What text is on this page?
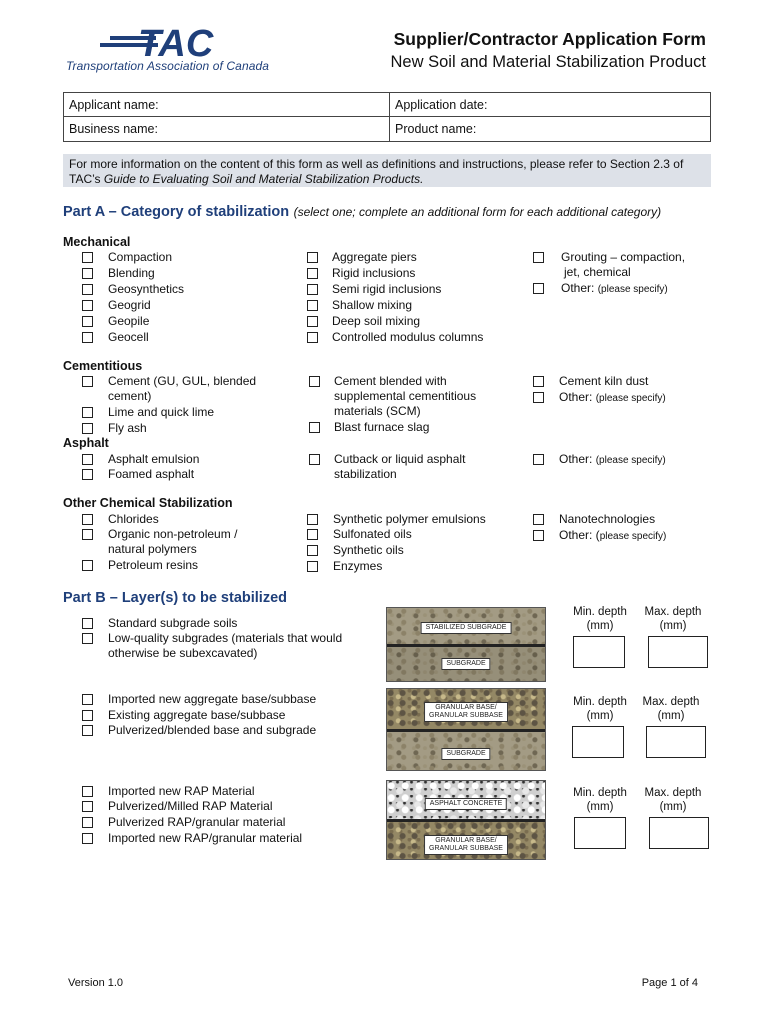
TAC
Transportation Association of Canada
Supplier/Contractor Application Form
New Soil and Material Stabilization Product
Applicant name:	Application date:
Business name:	Product name:
For more information on the content of this form as well as definitions and instructions, please refer to Section 2.3 of
TAC’s Guide to Evaluating Soil and Material Stabilization Products.
Part A – Category of stabilization (select one; complete an additional form for each additional category)
Mechanical
Compaction
Blending
Geosynthetics
Geogrid
Geopile
Geocell
Aggregate piers
Rigid inclusions
Semi rigid inclusions
Shallow mixing
Deep soil mixing
Controlled modulus columns
Grouting – compaction,
jet, chemical
Other: (please specify)
Cementitious
Cement (GU, GUL, blended
cement)
Lime and quick lime
Fly ash
Cement blended with
supplemental cementitious
materials (SCM)
Blast furnace slag
Cement kiln dust
Other: (please specify)
Asphalt
Asphalt emulsion
Foamed asphalt
Cutback or liquid asphalt
stabilization
Other: (please specify)
Other Chemical Stabilization
Chlorides
Organic non-petroleum /
natural polymers
Petroleum resins
Synthetic polymer emulsions
Sulfonated oils
Synthetic oils
Enzymes
Nanotechnologies
Other: (please specify)
Part B – Layer(s) to be stabilized
Standard subgrade soils
Low-quality subgrades (materials that would
otherwise be subexcavated)
STABILIZED SUBGRADE
SUBGRADE
Min. depth
(mm)
Max. depth
(mm)
Imported new aggregate base/subbase
Existing aggregate base/subbase
Pulverized/blended base and subgrade
GRANULAR BASE/
GRANULAR SUBBASE
SUBGRADE
Min. depth
(mm)
Max. depth
(mm)
Imported new RAP Material
Pulverized/Milled RAP Material
Pulverized RAP/granular material
Imported new RAP/granular material
ASPHALT CONCRETE
GRANULAR BASE/
GRANULAR SUBBASE
Min. depth
(mm)
Max. depth
(mm)
Version 1.0	Page 1 of 4
